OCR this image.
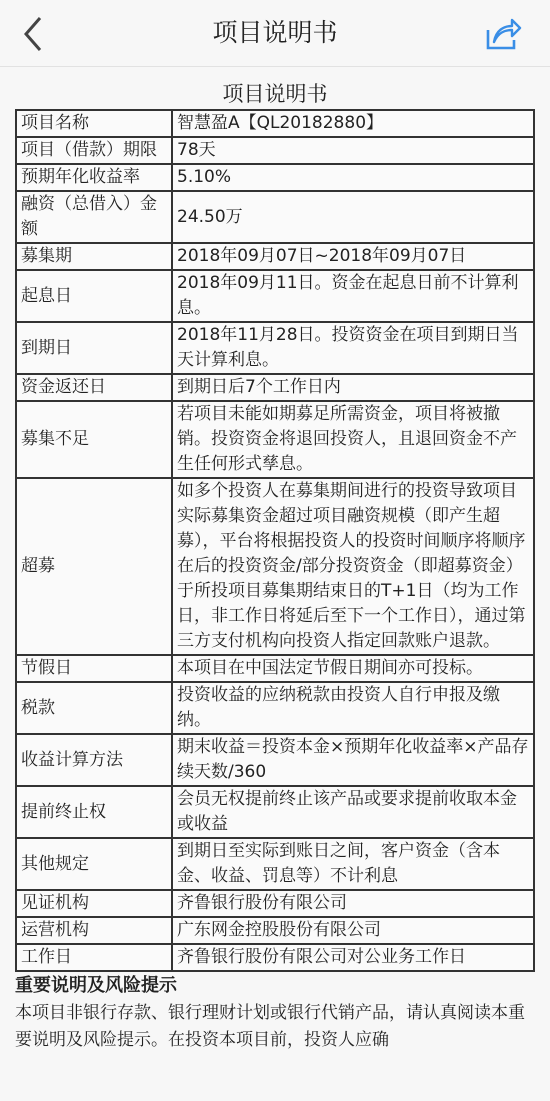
项目说明书
项目说明书
项目名称	智慧盈A【QL20182880】
项目（借款）期限	78天
预期年化收益率	5.10%
融资（总借入）金额	24.50万
募集期	2018年09月07日~2018年09月07日
起息日	2018年09月11日。资金在起息日前不计算利息。
到期日	2018年11月28日。投资资金在项目到期日当天计算利息。
资金返还日	到期日后7个工作日内
募集不足	若项目未能如期募足所需资金，项目将被撤销。投资资金将退回投资人，且退回资金不产生任何形式孳息。
超募	如多个投资人在募集期间进行的投资导致项目实际募集资金超过项目融资规模（即产生超募），平台将根据投资人的投资时间顺序将顺序在后的投资资金/部分投资资金（即超募资金）于所投项目募集期结束日的T+1日（均为工作日，非工作日将延后至下一个工作日），通过第三方支付机构向投资人指定回款账户退款。
节假日	本项目在中国法定节假日期间亦可投标。
税款	投资收益的应纳税款由投资人自行申报及缴纳。
收益计算方法	期末收益＝投资本金×预期年化收益率×产品存续天数/360
提前终止权	会员无权提前终止该产品或要求提前收取本金或收益
其他规定	到期日至实际到账日之间，客户资金（含本金、收益、罚息等）不计利息
见证机构	齐鲁银行股份有限公司
运营机构	广东网金控股股份有限公司
工作日	齐鲁银行股份有限公司对公业务工作日
重要说明及风险提示
本项目非银行存款、银行理财计划或银行代销产品，请认真阅读本重要说明及风险提示。在投资本项目前，投资人应确
